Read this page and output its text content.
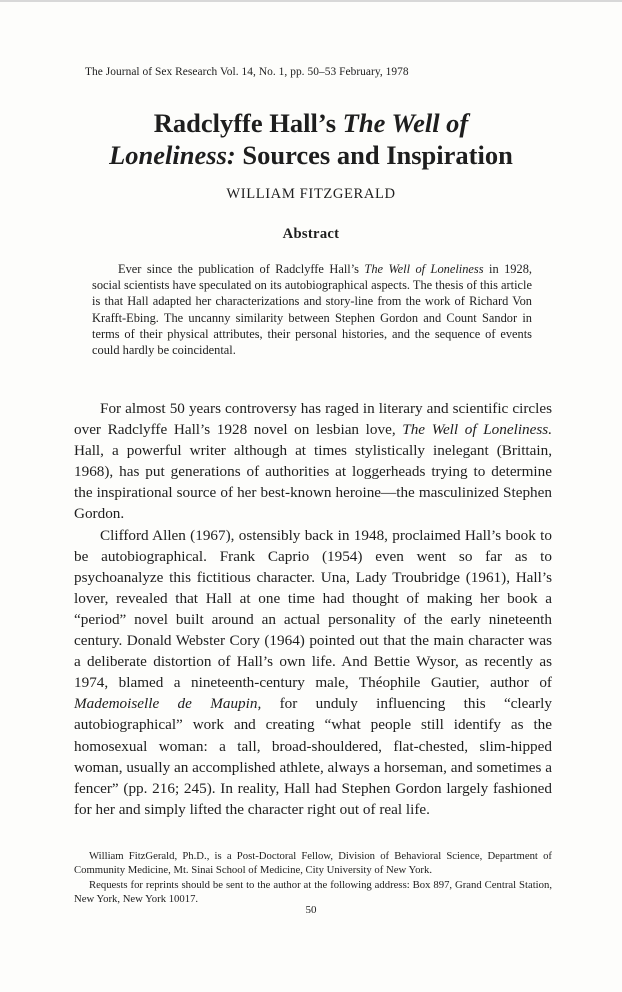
The Journal of Sex Research Vol. 14, No. 1, pp. 50–53 February, 1978
Radclyffe Hall’s The Well of
Loneliness: Sources and Inspiration
WILLIAM FITZGERALD
Abstract

Ever since the publication of Radclyffe Hall’s The Well of Loneliness in 1928, social scientists have speculated on its autobiographical aspects. The thesis of this article is that Hall adapted her characterizations and story-line from the work of Richard Von Krafft-Ebing. The uncanny similarity between Stephen Gordon and Count Sandor in terms of their physical attributes, their personal histories, and the sequence of events could hardly be coincidental.

For almost 50 years controversy has raged in literary and scientific circles over Radclyffe Hall’s 1928 novel on lesbian love, The Well of Loneliness. Hall, a powerful writer although at times stylistically inelegant (Brittain, 1968), has put generations of authorities at loggerheads trying to determine the inspirational source of her best-known heroine—the masculinized Stephen Gordon.

Clifford Allen (1967), ostensibly back in 1948, proclaimed Hall’s book to be autobiographical. Frank Caprio (1954) even went so far as to psychoanalyze this fictitious character. Una, Lady Troubridge (1961), Hall’s lover, revealed that Hall at one time had thought of making her book a “period” novel built around an actual personality of the early nineteenth century. Donald Webster Cory (1964) pointed out that the main character was a deliberate distortion of Hall’s own life. And Bettie Wysor, as recently as 1974, blamed a nineteenth-century male, Théophile Gautier, author of Mademoiselle de Maupin, for unduly influencing this “clearly autobiographical” work and creating “what people still identify as the homosexual woman: a tall, broad-shouldered, flat-chested, slim-hipped woman, usually an accomplished athlete, always a horseman, and sometimes a fencer” (pp. 216; 245). In reality, Hall had Stephen Gordon largely fashioned for her and simply lifted the character right out of real life.

William FitzGerald, Ph.D., is a Post-Doctoral Fellow, Division of Behavioral Science, Department of Community Medicine, Mt. Sinai School of Medicine, City University of New York.

Requests for reprints should be sent to the author at the following address: Box 897, Grand Central Station, New York, New York 10017.

50
